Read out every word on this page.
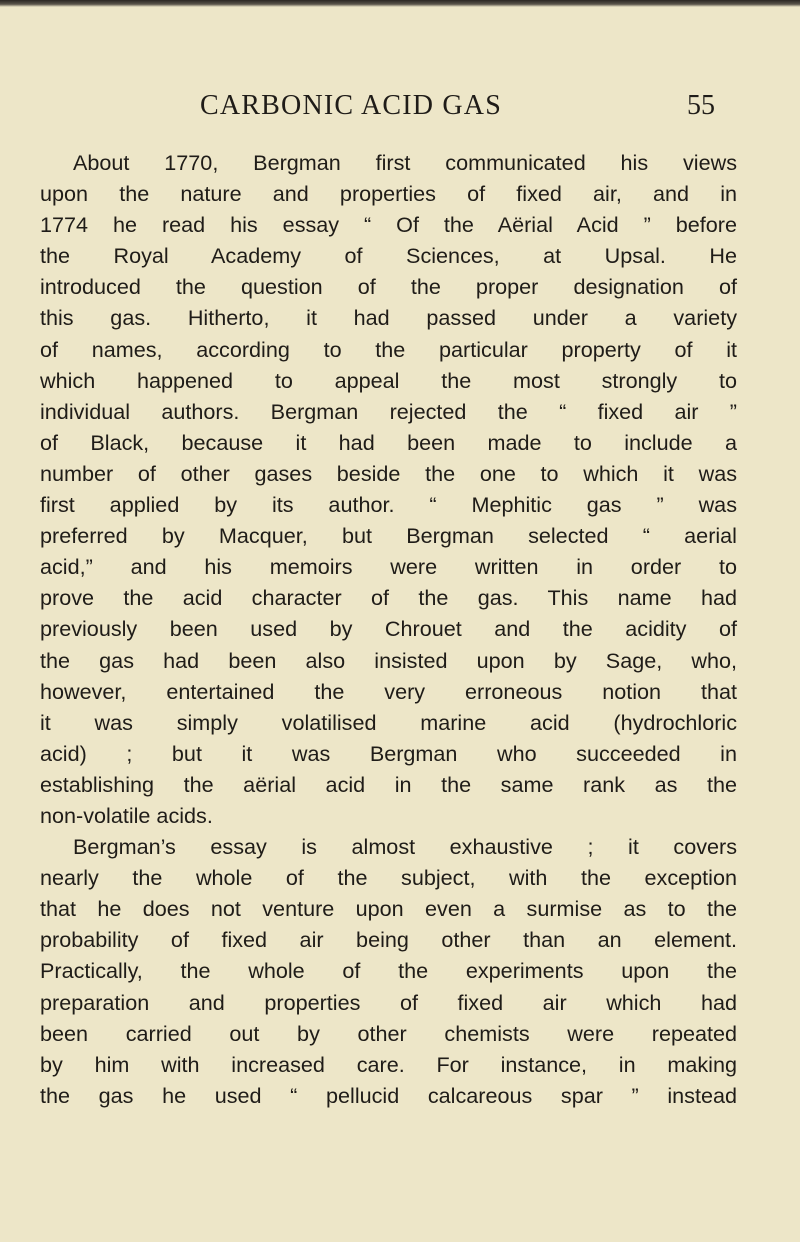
CARBONIC ACID GAS	55
About 1770, Bergman first communicated his views
upon the nature and properties of fixed air, and in
1774 he read his essay “ Of the Aërial Acid ” before
the Royal Academy of Sciences, at Upsal. He
introduced the question of the proper designation of
this gas. Hitherto, it had passed under a variety
of names, according to the particular property of it
which happened to appeal the most strongly to
individual authors. Bergman rejected the “ fixed air ”
of Black, because it had been made to include a
number of other gases beside the one to which it was
first applied by its author. “ Mephitic gas ” was
preferred by Macquer, but Bergman selected “ aerial
acid,” and his memoirs were written in order to
prove the acid character of the gas. This name had
previously been used by Chrouet and the acidity of
the gas had been also insisted upon by Sage, who,
however, entertained the very erroneous notion that
it was simply volatilised marine acid (hydrochloric
acid) ; but it was Bergman who succeeded in
establishing the aërial acid in the same rank as the
non-volatile acids.
Bergman’s essay is almost exhaustive ; it covers
nearly the whole of the subject, with the exception
that he does not venture upon even a surmise as to the
probability of fixed air being other than an element.
Practically, the whole of the experiments upon the
preparation and properties of fixed air which had
been carried out by other chemists were repeated
by him with increased care. For instance, in making
the gas he used “ pellucid calcareous spar ” instead
